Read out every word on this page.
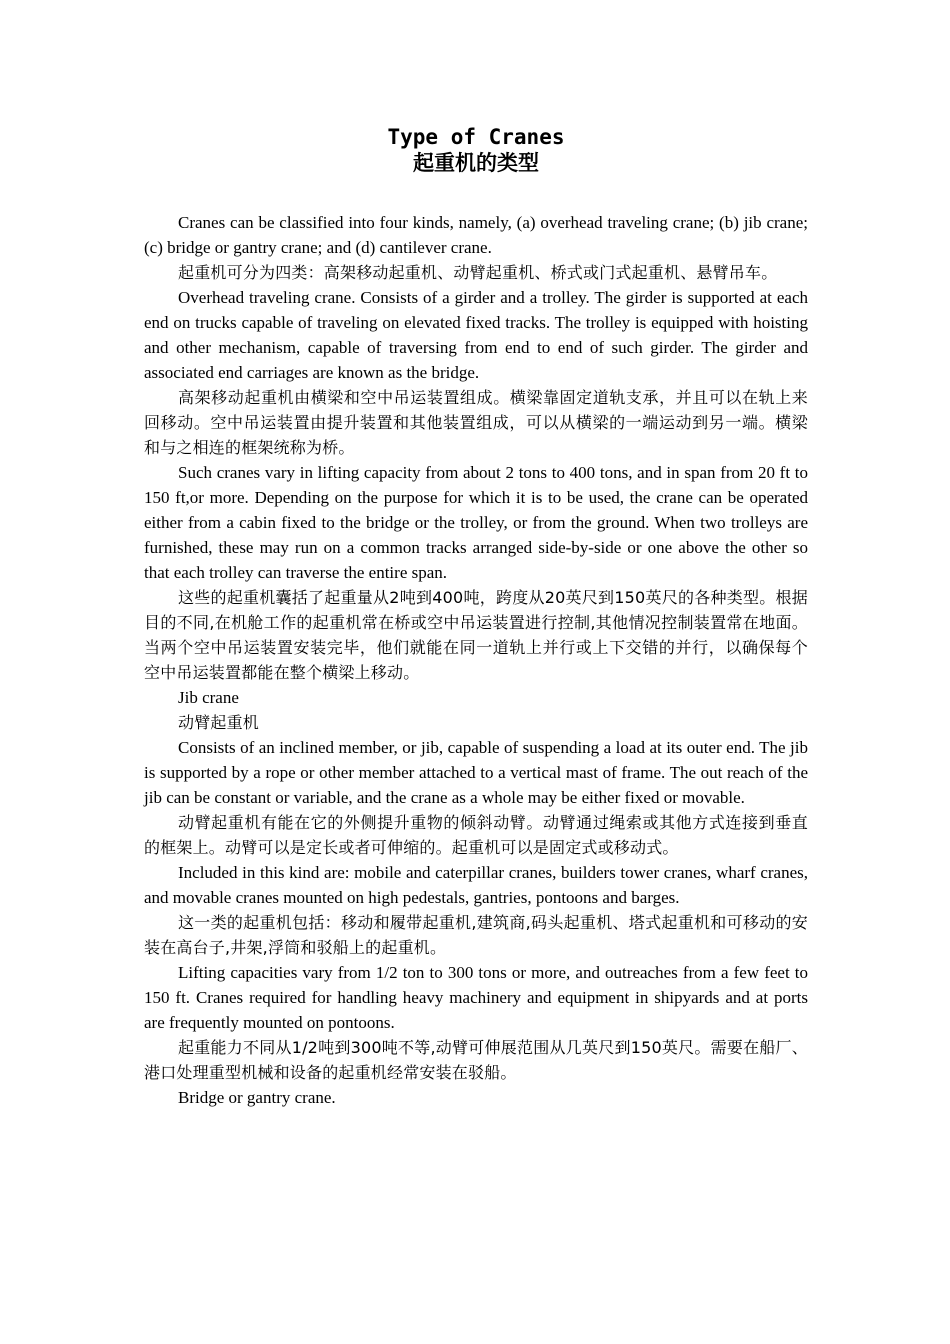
Type of Cranes
起重机的类型

Cranes can be classified into four kinds, namely, (a) overhead traveling crane; (b) jib crane; (c) bridge or gantry crane; and (d) cantilever crane.

起重机可分为四类：高架移动起重机、动臂起重机、桥式或门式起重机、悬臂吊车。

Overhead traveling crane. Consists of a girder and a trolley. The girder is supported at each end on trucks capable of traveling on elevated fixed tracks. The trolley is equipped with hoisting and other mechanism, capable of traversing from end to end of such girder. The girder and associated end carriages are known as the bridge.

高架移动起重机由横梁和空中吊运装置组成。横梁靠固定道轨支承，并且可以在轨上来回移动。空中吊运装置由提升装置和其他装置组成，可以从横梁的一端运动到另一端。横梁和与之相连的框架统称为桥。

Such cranes vary in lifting capacity from about 2 tons to 400 tons, and in span from 20 ft to 150 ft,or more. Depending on the purpose for which it is to be used, the crane can be operated either from a cabin fixed to the bridge or the trolley, or from the ground. When two trolleys are furnished, these may run on a common tracks arranged side-by-side or one above the other so that each trolley can traverse the entire span.

这些的起重机囊括了起重量从2吨到400吨，跨度从20英尺到150英尺的各种类型。根据目的不同,在机舱工作的起重机常在桥或空中吊运装置进行控制,其他情况控制装置常在地面。当两个空中吊运装置安装完毕，他们就能在同一道轨上并行或上下交错的并行，以确保每个空中吊运装置都能在整个横梁上移动。

Jib crane

动臂起重机

Consists of an inclined member, or jib, capable of suspending a load at its outer end. The jib is supported by a rope or other member attached to a vertical mast of frame. The out reach of the jib can be constant or variable, and the crane as a whole may be either fixed or movable.

动臂起重机有能在它的外侧提升重物的倾斜动臂。动臂通过绳索或其他方式连接到垂直的框架上。动臂可以是定长或者可伸缩的。起重机可以是固定式或移动式。

Included in this kind are: mobile and caterpillar cranes, builders tower cranes, wharf cranes, and movable cranes mounted on high pedestals, gantries, pontoons and barges.

这一类的起重机包括：移动和履带起重机,建筑商,码头起重机、塔式起重机和可移动的安装在高台子,井架,浮筒和驳船上的起重机。

Lifting capacities vary from 1/2 ton to 300 tons or more, and outreaches from a few feet to 150 ft. Cranes required for handling heavy machinery and equipment in shipyards and at ports are frequently mounted on pontoons.

起重能力不同从1/2吨到300吨不等,动臂可伸展范围从几英尺到150英尺。需要在船厂、港口处理重型机械和设备的起重机经常安装在驳船。

Bridge or gantry crane.
